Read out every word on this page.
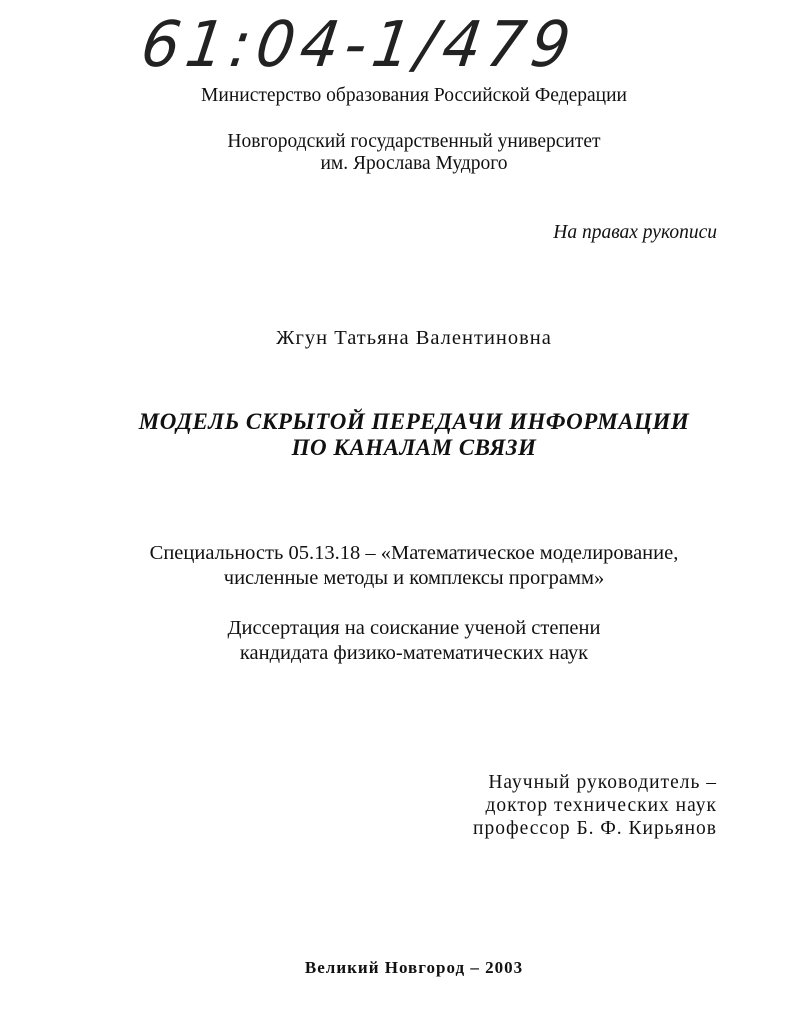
61:04-1/479
Министерство образования Российской Федерации
Новгородский государственный университет
им. Ярослава Мудрого
На правах рукописи
Жгун Татьяна Валентиновна
МОДЕЛЬ СКРЫТОЙ ПЕРЕДАЧИ ИНФОРМАЦИИ
ПО КАНАЛАМ СВЯЗИ
Специальность 05.13.18 – «Математическое моделирование,
численные методы и комплексы программ»
Диссертация на соискание ученой степени
кандидата физико-математических наук
Научный руководитель –
доктор технических наук
профессор Б. Ф. Кирьянов
Великий Новгород – 2003
